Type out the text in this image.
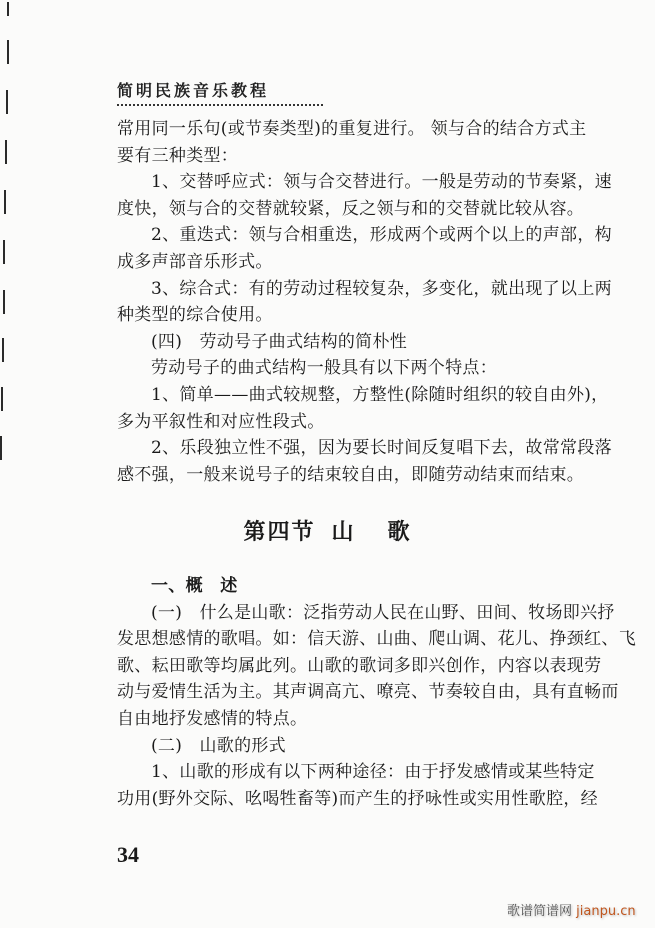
简明民族音乐教程
常用同一乐句(或节奏类型)的重复进行。 领与合的结合方式主
要有三种类型：
1、交替呼应式：领与合交替进行。一般是劳动的节奏紧，速
度快，领与合的交替就较紧，反之领与和的交替就比较从容。
2、重迭式：领与合相重迭，形成两个或两个以上的声部，构
成多声部音乐形式。
3、综合式：有的劳动过程较复杂，多变化，就出现了以上两
种类型的综合使用。
(四)　劳动号子曲式结构的简朴性
劳动号子的曲式结构一般具有以下两个特点：
1、简单——曲式较规整，方整性(除随时组织的较自由外)，
多为平叙性和对应性段式。
2、乐段独立性不强，因为要长时间反复唱下去，故常常段落
感不强，一般来说号子的结束较自由，即随劳动结束而结束。
第四节 山 歌
一、概　述
(一)　什么是山歌：泛指劳动人民在山野、田间、牧场即兴抒
发思想感情的歌唱。如：信天游、山曲、爬山调、花儿、挣颈红、飞
歌、耘田歌等均属此列。山歌的歌词多即兴创作，内容以表现劳
动与爱情生活为主。其声调高亢、嘹亮、节奏较自由，具有直畅而
自由地抒发感情的特点。
(二)　山歌的形式
1、山歌的形成有以下两种途径：由于抒发感情或某些特定
功用(野外交际、吆喝牲畜等)而产生的抒咏性或实用性歌腔，经
34
歌谱简谱网 jianpu.cn
